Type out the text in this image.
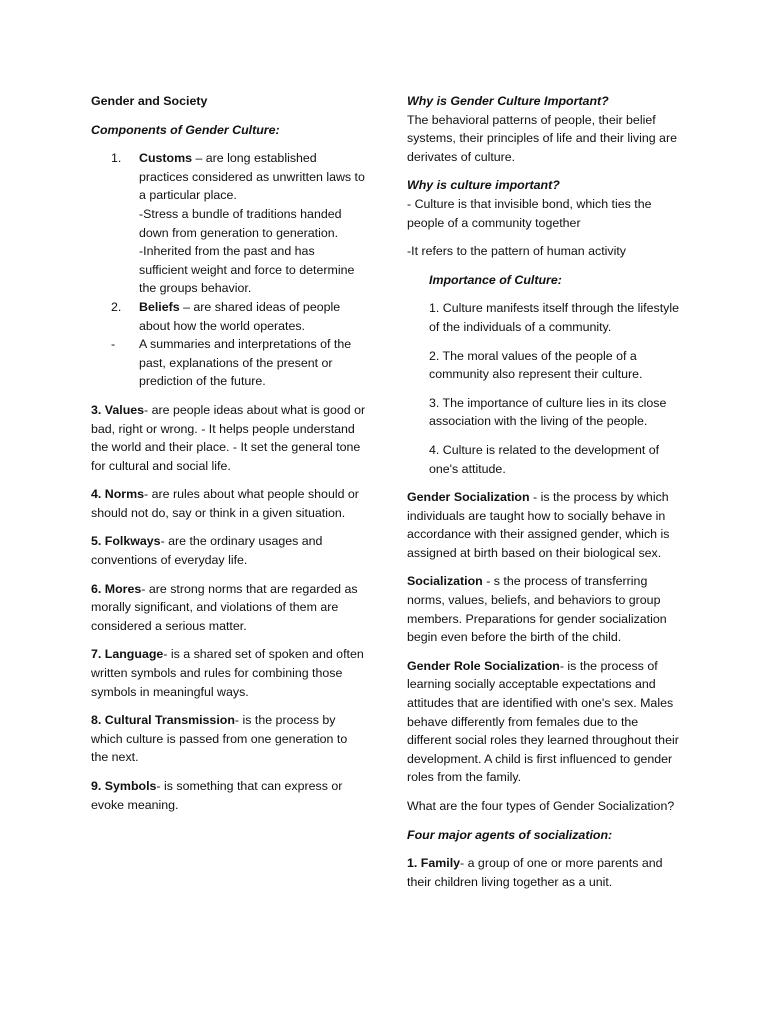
Gender and Society

Components of Gender Culture:

1.	Customs – are long established practices considered as unwritten laws to a particular place.

-Stress a bundle of traditions handed down from generation to generation.

-Inherited from the past and has sufficient weight and force to determine the groups behavior.

2.	Beliefs – are shared ideas of people about how the world operates.
-	A summaries and interpretations of the past, explanations of the present or prediction of the future.

3. Values- are people ideas about what is good or bad, right or wrong. - It helps people understand the world and their place. - It set the general tone for cultural and social life.

4. Norms- are rules about what people should or should not do, say or think in a given situation.

5. Folkways- are the ordinary usages and conventions of everyday life.

6. Mores- are strong norms that are regarded as morally significant, and violations of them are considered a serious matter.

7. Language- is a shared set of spoken and often written symbols and rules for combining those symbols in meaningful ways.

8. Cultural Transmission- is the process by which culture is passed from one generation to the next.

9. Symbols- is something that can express or evoke meaning.

Why is Gender Culture Important?

The behavioral patterns of people, their belief systems, their principles of life and their living are derivates of culture.

Why is culture important?

- Culture is that invisible bond, which ties the people of a community together

-It refers to the pattern of human activity

Importance of Culture:

1. Culture manifests itself through the lifestyle of the individuals of a community.

2. The moral values of the people of a community also represent their culture.

3. The importance of culture lies in its close association with the living of the people.

4. Culture is related to the development of one's attitude.

Gender Socialization - is the process by which individuals are taught how to socially behave in accordance with their assigned gender, which is assigned at birth based on their biological sex.

Socialization - s the process of transferring norms, values, beliefs, and behaviors to group members. Preparations for gender socialization begin even before the birth of the child.

Gender Role Socialization- is the process of learning socially acceptable expectations and attitudes that are identified with one's sex. Males behave differently from females due to the different social roles they learned throughout their development. A child is first influenced to gender roles from the family.

What are the four types of Gender Socialization?

Four major agents of socialization:

1. Family- a group of one or more parents and their children living together as a unit.
